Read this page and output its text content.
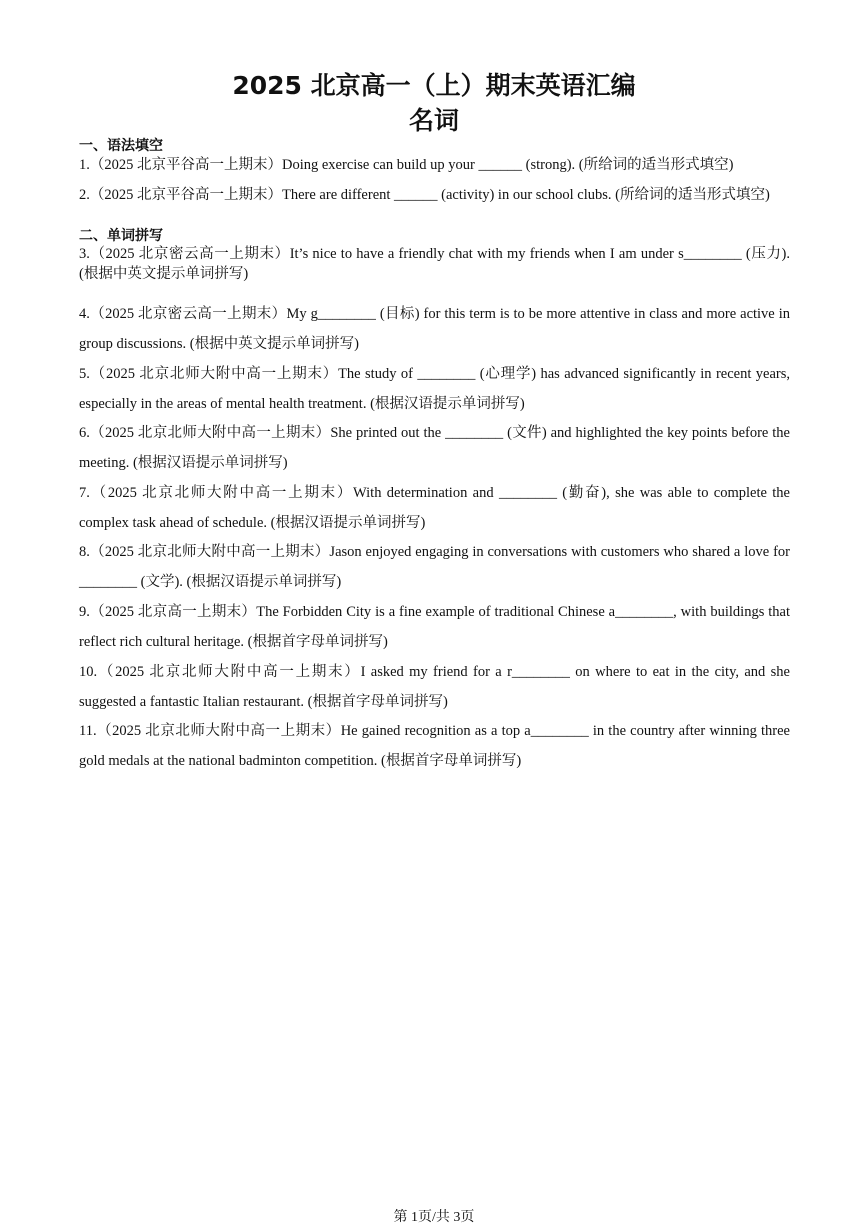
2025 北京高一（上）期末英语汇编
名词
一、语法填空
1.（2025 北京平谷高一上期末）Doing exercise can build up your ______ (strong). (所给词的适当形式填空)
2.（2025 北京平谷高一上期末）There are different ______ (activity) in our school clubs. (所给词的适当形式填空)
二、单词拼写
3.（2025 北京密云高一上期末）It’s nice to have a friendly chat with my friends when I am under s________ (压力). (根据中英文提示单词拼写)
4.（2025 北京密云高一上期末）My g________ (目标) for this term is to be more attentive in class and more active in group discussions. (根据中英文提示单词拼写)
5.（2025 北京北师大附中高一上期末）The study of ________ (心理学) has advanced significantly in recent years, especially in the areas of mental health treatment. (根据汉语提示单词拼写)
6.（2025 北京北师大附中高一上期末）She printed out the ________ (文件) and highlighted the key points before the meeting. (根据汉语提示单词拼写)
7.（2025 北京北师大附中高一上期末）With determination and ________ (勤奋), she was able to complete the complex task ahead of schedule. (根据汉语提示单词拼写)
8.（2025 北京北师大附中高一上期末）Jason enjoyed engaging in conversations with customers who shared a love for ________ (文学). (根据汉语提示单词拼写)
9.（2025 北京高一上期末）The Forbidden City is a fine example of traditional Chinese a________, with buildings that reflect rich cultural heritage. (根据首字母单词拼写)
10.（2025 北京北师大附中高一上期末）I asked my friend for a r________ on where to eat in the city, and she suggested a fantastic Italian restaurant. (根据首字母单词拼写)
11.（2025 北京北师大附中高一上期末）He gained recognition as a top a________ in the country after winning three gold medals at the national badminton competition. (根据首字母单词拼写)
第 1页/共 3页
